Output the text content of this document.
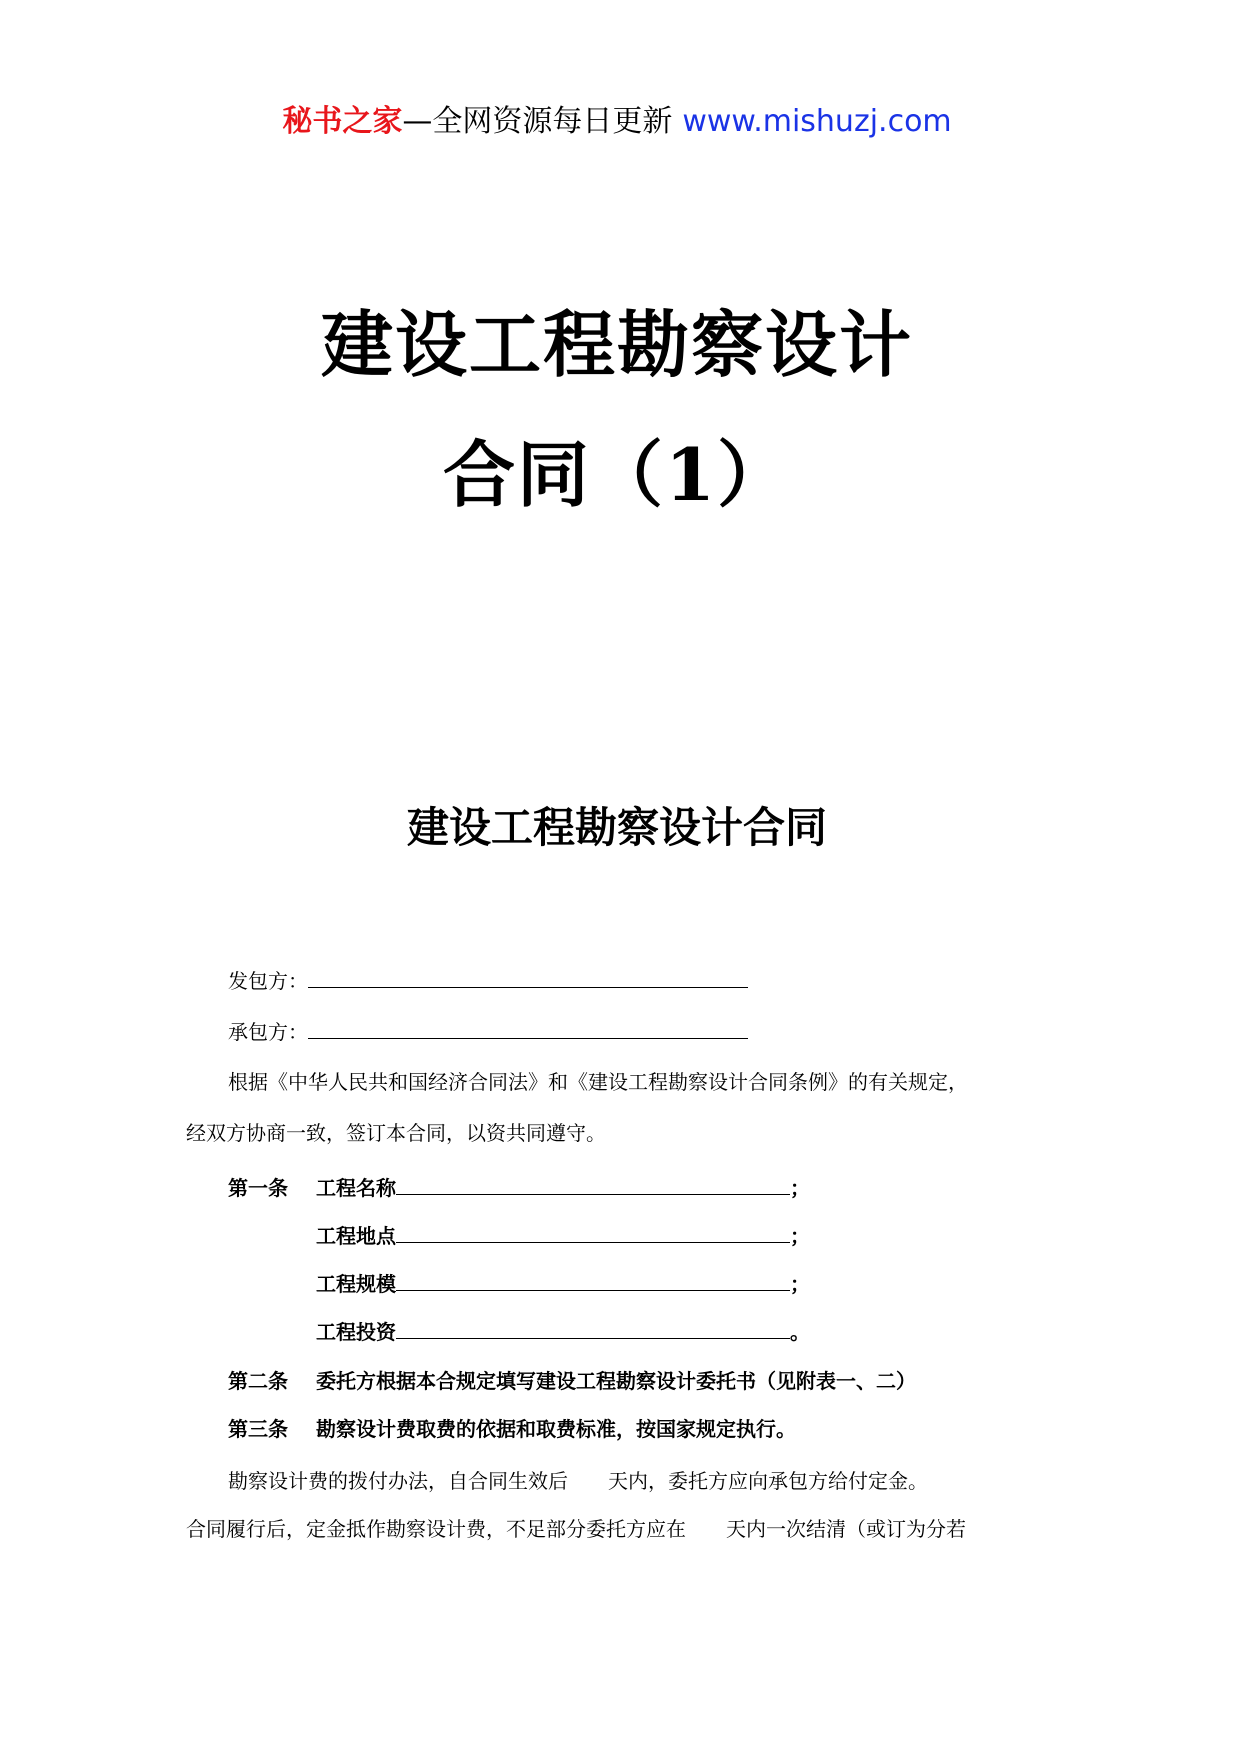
秘书之家—全网资源每日更新 www.mishuzj.com
建设工程勘察设计
合同（1）
建设工程勘察设计合同
发包方：
承包方：
根据《中华人民共和国经济合同法》和《建设工程勘察设计合同条例》的有关规定，
经双方协商一致，签订本合同，以资共同遵守。
第一条 工程名称	；
工程地点	；
工程规模	；
工程投资	。
第二条 委托方根据本合规定填写建设工程勘察设计委托书（见附表一、二）
第三条 勘察设计费取费的依据和取费标准，按国家规定执行。
勘察设计费的拨付办法，自合同生效后 天内，委托方应向承包方给付定金。
合同履行后，定金抵作勘察设计费，不足部分委托方应在 天内一次结清（或订为分若
